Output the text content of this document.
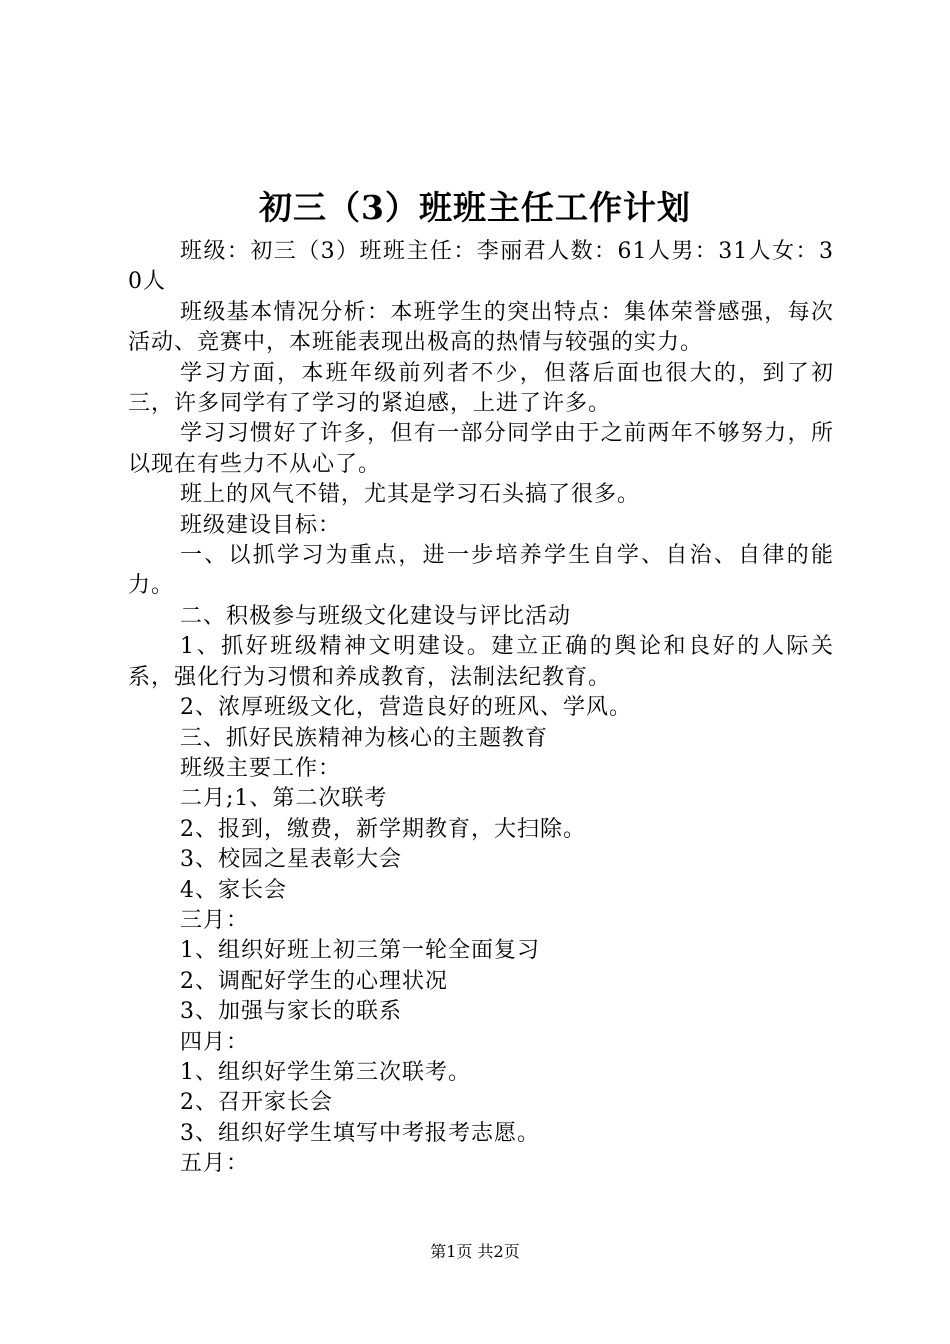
初三（3）班班主任工作计划

班级：初三（3）班班主任：李丽君人数：61人男：31人女：30人

班级基本情况分析：本班学生的突出特点：集体荣誉感强，每次活动、竞赛中，本班能表现出极高的热情与较强的实力。

学习方面，本班年级前列者不少，但落后面也很大的，到了初三，许多同学有了学习的紧迫感，上进了许多。

学习习惯好了许多，但有一部分同学由于之前两年不够努力，所以现在有些力不从心了。

班上的风气不错，尤其是学习石头搞了很多。

班级建设目标：

一、以抓学习为重点，进一步培养学生自学、自治、自律的能力。

二、积极参与班级文化建设与评比活动

1、抓好班级精神文明建设。建立正确的舆论和良好的人际关系，强化行为习惯和养成教育，法制法纪教育。

2、浓厚班级文化，营造良好的班风、学风。

三、抓好民族精神为核心的主题教育

班级主要工作：

二月;1、第二次联考

2、报到，缴费，新学期教育，大扫除。

3、校园之星表彰大会

4、家长会

三月：

1、组织好班上初三第一轮全面复习

2、调配好学生的心理状况

3、加强与家长的联系

四月：

1、组织好学生第三次联考。

2、召开家长会

3、组织好学生填写中考报考志愿。

五月：

第1页 共2页
